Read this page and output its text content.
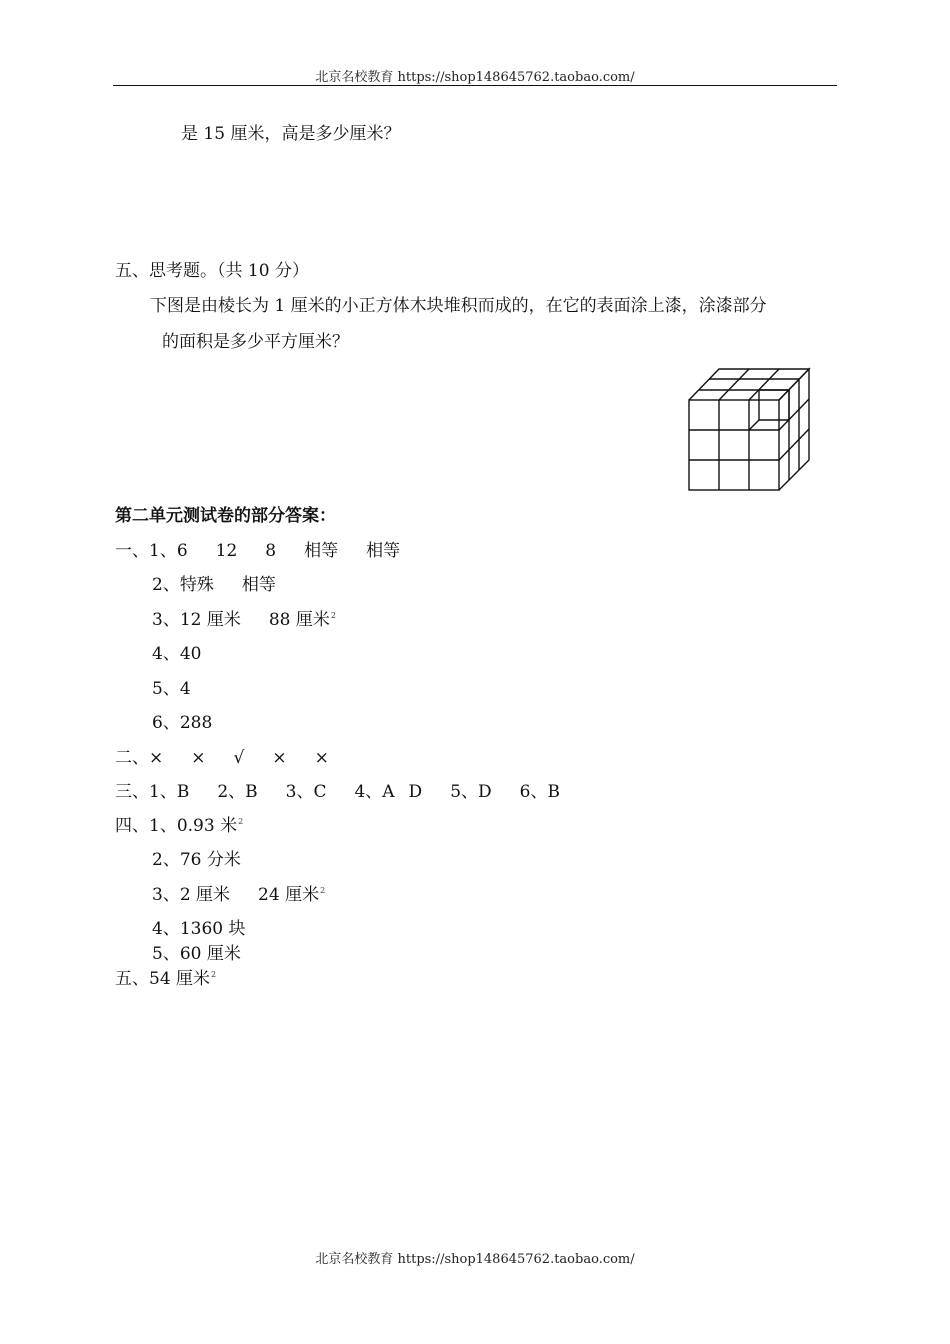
北京名校教育 https://shop148645762.taobao.com/
是 15 厘米，高是多少厘米？
五、思考题。（共 10 分）
下图是由棱长为 1 厘米的小正方体木块堆积而成的，在它的表面涂上漆，涂漆部分
的面积是多少平方厘米？
第二单元测试卷的部分答案：
一、1、6 12 8 相等 相等
2、特殊 相等
3、12 厘米 88 厘米$^2$
4、40
5、4
6、288
二、× × √ × ×
三、1、B 2、B 3、C 4、A D 5、D 6、B
四、1、0.93 米$^2$
2、76 分米
3、2 厘米 24 厘米$^2$
4、1360 块
5、60 厘米
五、54 厘米$^2$
北京名校教育 https://shop148645762.taobao.com/
